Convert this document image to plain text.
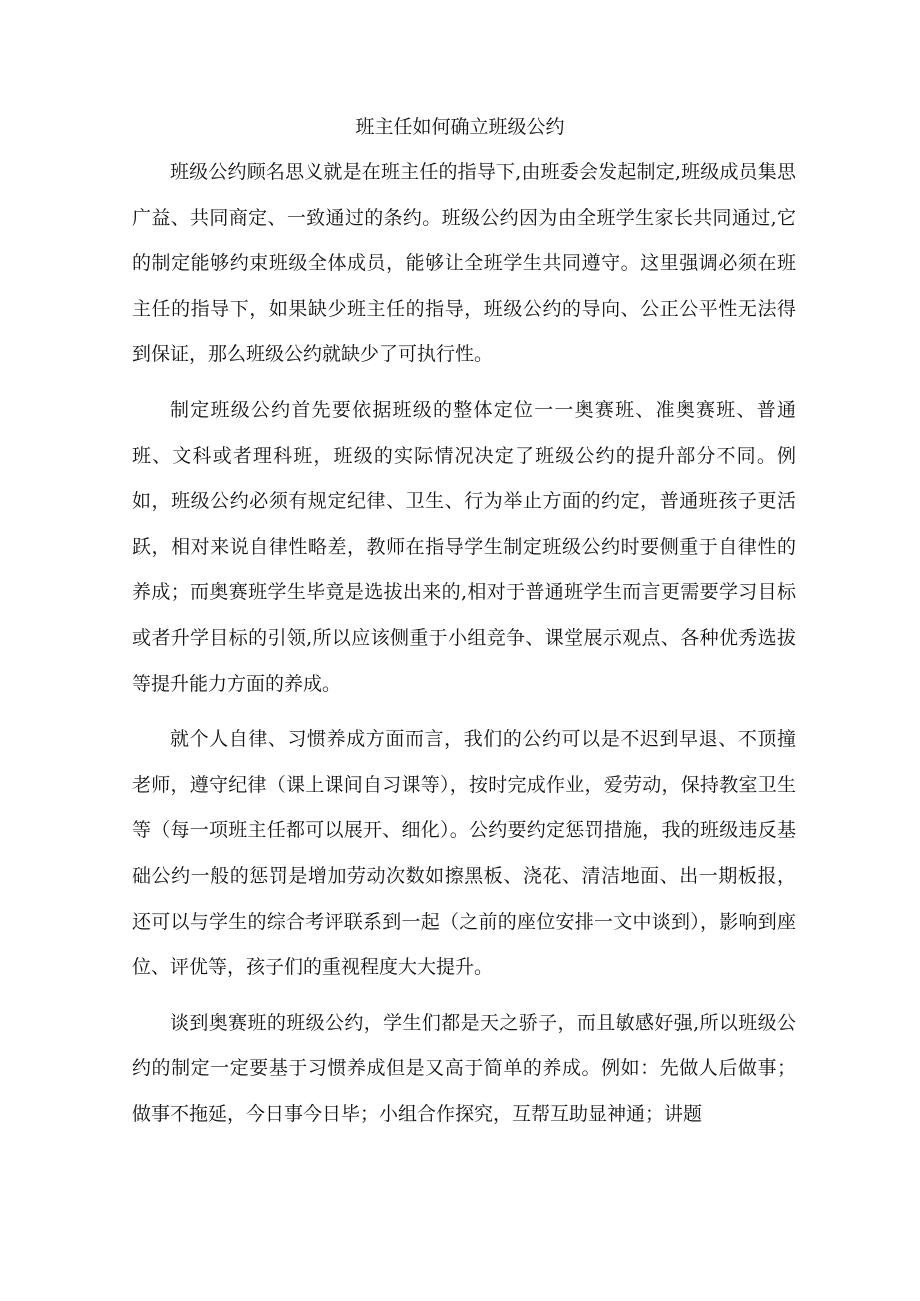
班主任如何确立班级公约

班级公约顾名思义就是在班主任的指导下,由班委会发起制定,班级成员集思广益、共同商定、一致通过的条约。班级公约因为由全班学生家长共同通过,它的制定能够约束班级全体成员，能够让全班学生共同遵守。这里强调必须在班主任的指导下，如果缺少班主任的指导，班级公约的导向、公正公平性无法得到保证，那么班级公约就缺少了可执行性。

制定班级公约首先要依据班级的整体定位一一奥赛班、准奥赛班、普通班、文科或者理科班，班级的实际情况决定了班级公约的提升部分不同。例如，班级公约必须有规定纪律、卫生、行为举止方面的约定，普通班孩子更活跃，相对来说自律性略差，教师在指导学生制定班级公约时要侧重于自律性的养成；而奥赛班学生毕竟是选拔出来的,相对于普通班学生而言更需要学习目标或者升学目标的引领,所以应该侧重于小组竞争、课堂展示观点、各种优秀选拔等提升能力方面的养成。

就个人自律、习惯养成方面而言，我们的公约可以是不迟到早退、不顶撞老师，遵守纪律（课上课间自习课等），按时完成作业，爱劳动，保持教室卫生等（每一项班主任都可以展开、细化）。公约要约定惩罚措施，我的班级违反基础公约一般的惩罚是增加劳动次数如擦黑板、浇花、清洁地面、出一期板报，还可以与学生的综合考评联系到一起（之前的座位安排一文中谈到），影响到座位、评优等，孩子们的重视程度大大提升。

谈到奥赛班的班级公约，学生们都是天之骄子，而且敏感好强,所以班级公约的制定一定要基于习惯养成但是又高于简单的养成。例如：先做人后做事；做事不拖延，今日事今日毕；小组合作探究，互帮互助显神通；讲题
